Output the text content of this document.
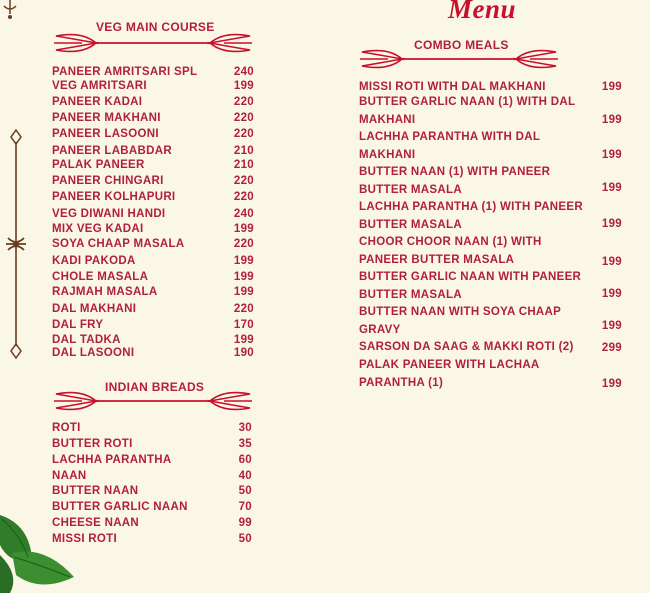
Menu
VEG MAIN COURSE
INDIAN BREADS
COMBO MEALS
PANEER AMRITSARI SPL	240
VEG AMRITSARI	199
PANEER KADAI	220
PANEER MAKHANI	220
PANEER LASOONI	220
PANEER LABABDAR	210
PALAK PANEER	210
PANEER CHINGARI	220
PANEER KOLHAPURI	220
VEG DIWANI HANDI	240
MIX VEG KADAI	199
SOYA CHAAP MASALA	220
KADI PAKODA	199
CHOLE MASALA	199
RAJMAH MASALA	199
DAL MAKHANI	220
DAL FRY	170
DAL TADKA	199
DAL LASOONI	190
ROTI	30
BUTTER ROTI	35
LACHHA PARANTHA	60
NAAN	40
BUTTER NAAN	50
BUTTER GARLIC NAAN	70
CHEESE NAAN	99
MISSI ROTI	50
MISSI ROTI WITH DAL MAKHANI	199
BUTTER GARLIC NAAN (1) WITH DAL
MAKHANI	199
LACHHA PARANTHA WITH DAL
MAKHANI	199
BUTTER NAAN (1) WITH PANEER
BUTTER MASALA	199
LACHHA PARANTHA (1) WITH PANEER
BUTTER MASALA	199
CHOOR CHOOR NAAN (1) WITH
PANEER BUTTER MASALA	199
BUTTER GARLIC NAAN WITH PANEER
BUTTER MASALA	199
BUTTER NAAN WITH SOYA CHAAP
GRAVY	199
SARSON DA SAAG & MAKKI ROTI (2)	299
PALAK PANEER WITH LACHAA
PARANTHA (1)	199
